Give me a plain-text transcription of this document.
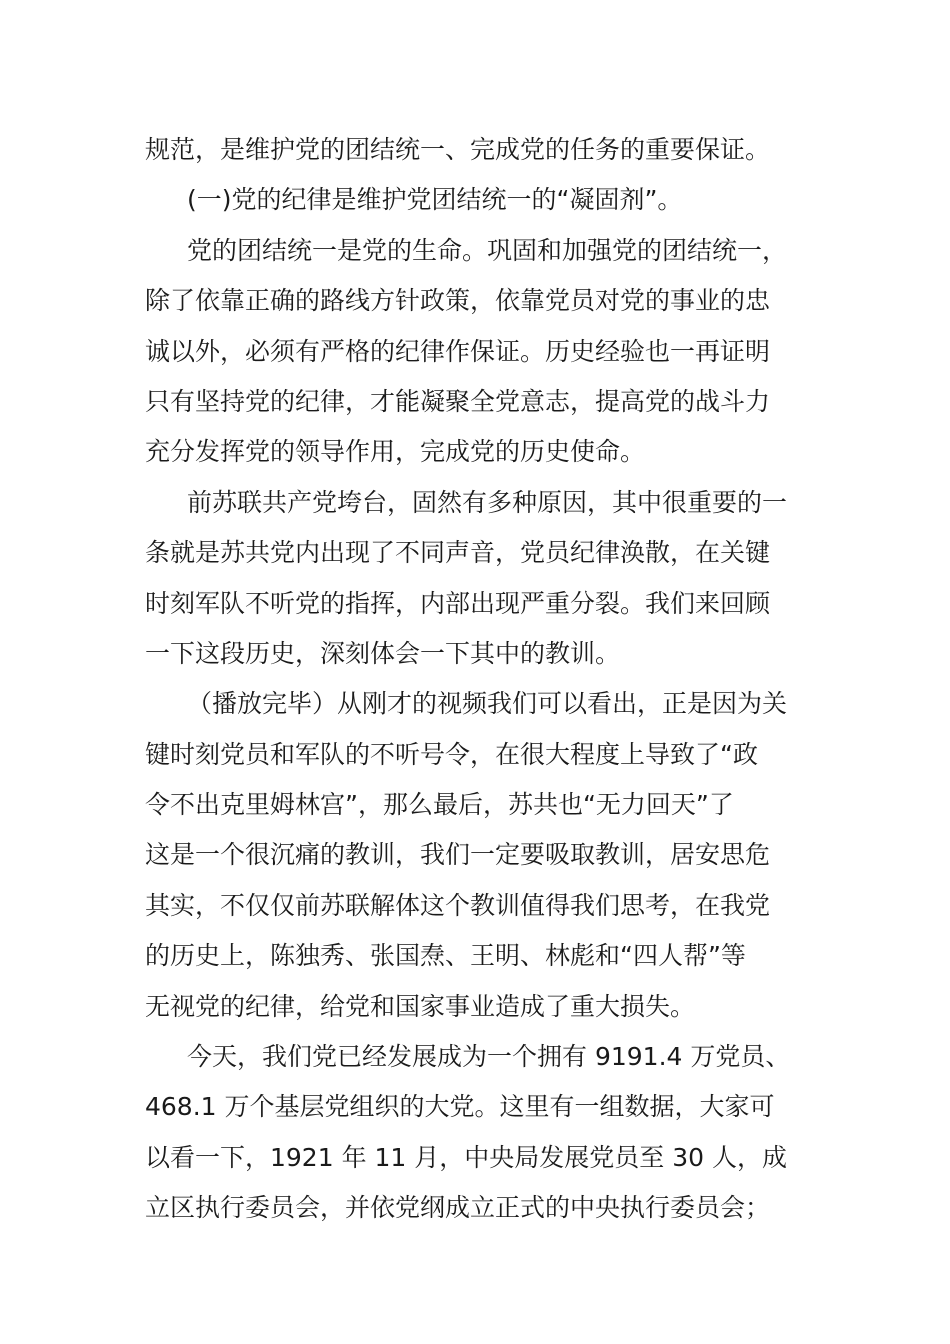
规范，是维护党的团结统一、完成党的任务的重要保证。
(一)党的纪律是维护党团结统一的“凝固剂”。
党的团结统一是党的生命。巩固和加强党的团结统一，
除了依靠正确的路线方针政策，依靠党员对党的事业的忠
诚以外，必须有严格的纪律作保证。历史经验也一再证明
只有坚持党的纪律，才能凝聚全党意志，提高党的战斗力
充分发挥党的领导作用，完成党的历史使命。
前苏联共产党垮台，固然有多种原因，其中很重要的一
条就是苏共党内出现了不同声音，党员纪律涣散，在关键
时刻军队不听党的指挥，内部出现严重分裂。我们来回顾
一下这段历史，深刻体会一下其中的教训。
（播放完毕）从刚才的视频我们可以看出，正是因为关
键时刻党员和军队的不听号令，在很大程度上导致了“政
令不出克里姆林宫”，那么最后，苏共也“无力回天”了
这是一个很沉痛的教训，我们一定要吸取教训，居安思危
其实，不仅仅前苏联解体这个教训值得我们思考，在我党
的历史上，陈独秀、张国焘、王明、林彪和“四人帮”等
无视党的纪律，给党和国家事业造成了重大损失。
今天，我们党已经发展成为一个拥有 9191.4 万党员、
468.1 万个基层党组织的大党。这里有一组数据，大家可
以看一下，1921 年 11 月，中央局发展党员至 30 人，成
立区执行委员会，并依党纲成立正式的中央执行委员会；
